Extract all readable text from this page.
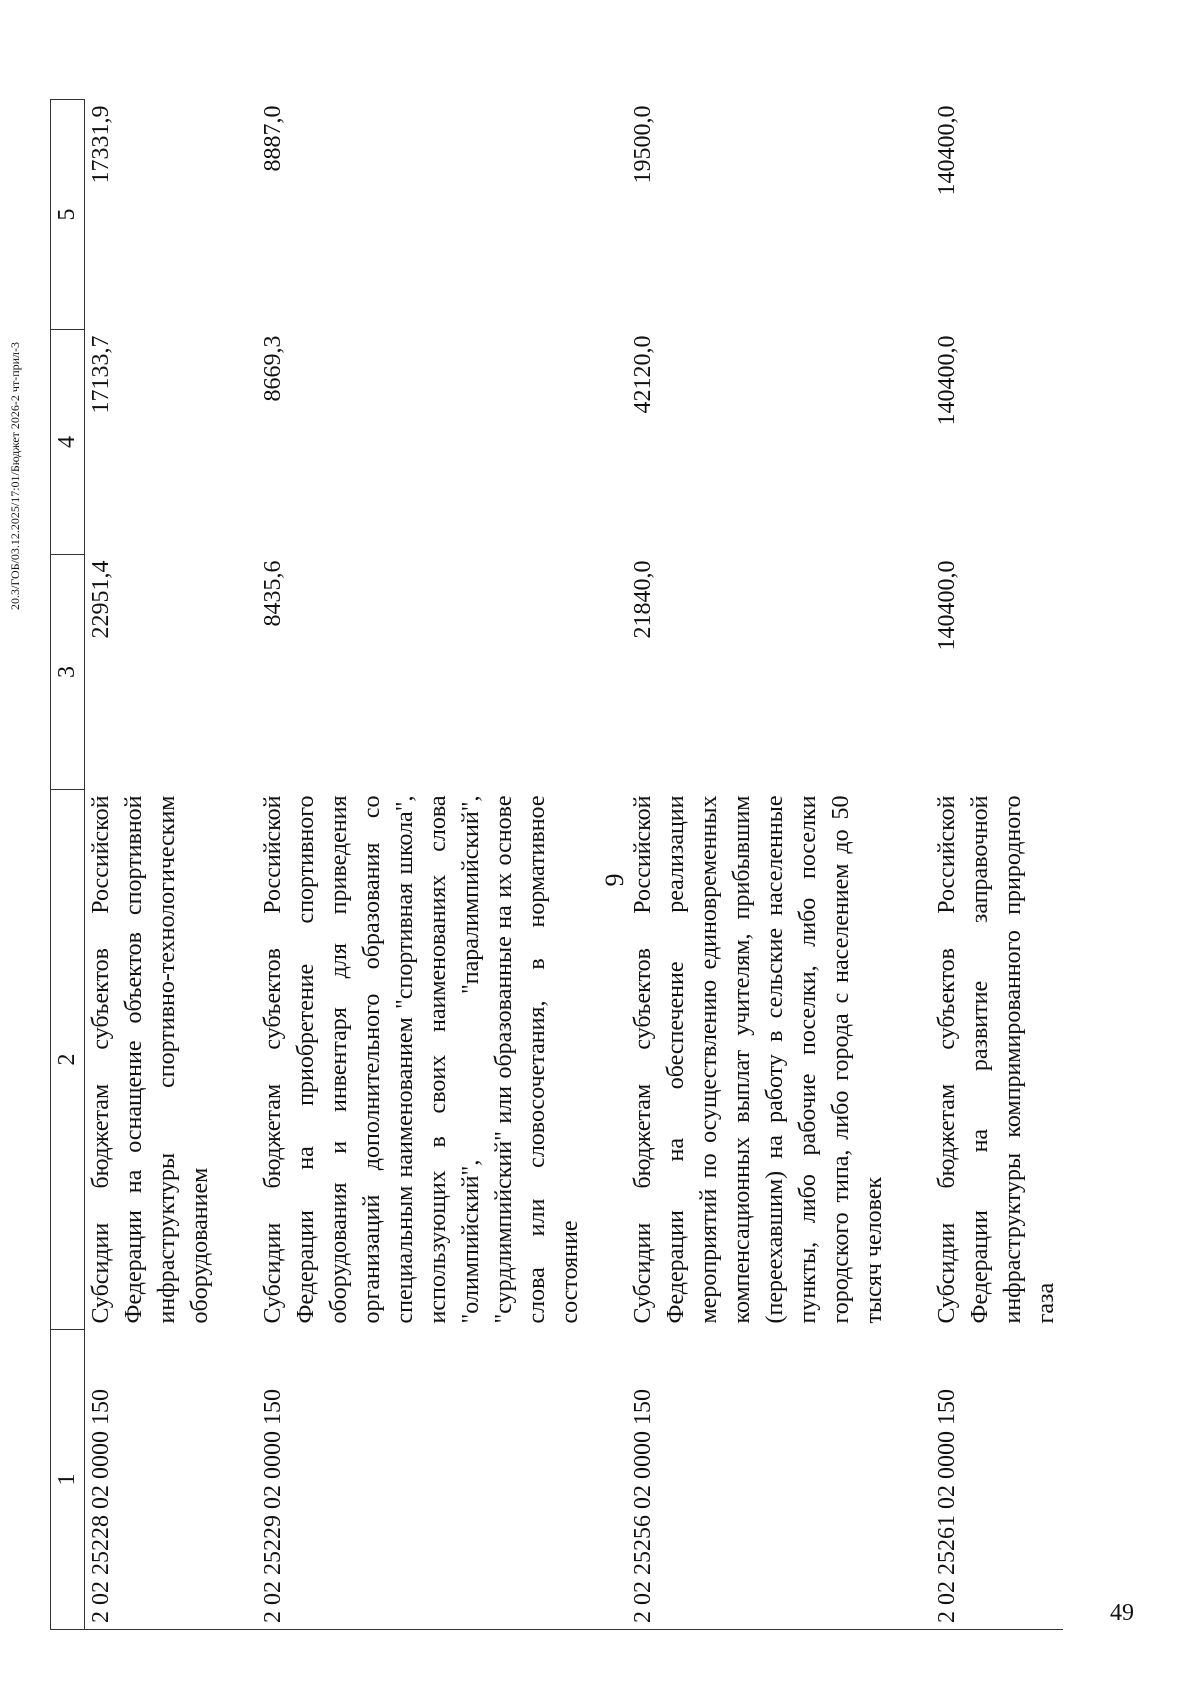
9
1	2	3	4	5
2 02 25228 02 0000 150	Субсидии бюджетам субъектов Российской Федерации на оснащение объектов спортивной инфраструктуры спортивно-технологическим оборудованием	22951,4	17133,7	17331,9

2 02 25229 02 0000 150	Субсидии бюджетам субъектов Российской Федерации на приобретение спортивного оборудования и инвентаря для приведения организаций дополнительного образования со специальным наименованием "спортивная школа", использующих в своих наименованиях слова "олимпийский", "паралимпийский", "сурдлимпийский" или образованные на их основе слова или словосочетания, в нормативное состояние	8435,6	8669,3	8887,0

2 02 25256 02 0000 150	Субсидии бюджетам субъектов Российской Федерации на обеспечение реализации мероприятий по осуществлению единовременных компенсационных выплат учителям, прибывшим (переехавшим) на работу в сельские населенные пункты, либо рабочие поселки, либо поселки городского типа, либо города с населением до 50 тысяч человек	21840,0	42120,0	19500,0

2 02 25261 02 0000 150	Субсидии бюджетам субъектов Российской Федерации на развитие заправочной инфраструктуры компримированного природного газа	140400,0	140400,0	140400,0
20.3/ГОБ/03.12.2025/17:01/Бюджет 2026-2 чт-прил-3
49
